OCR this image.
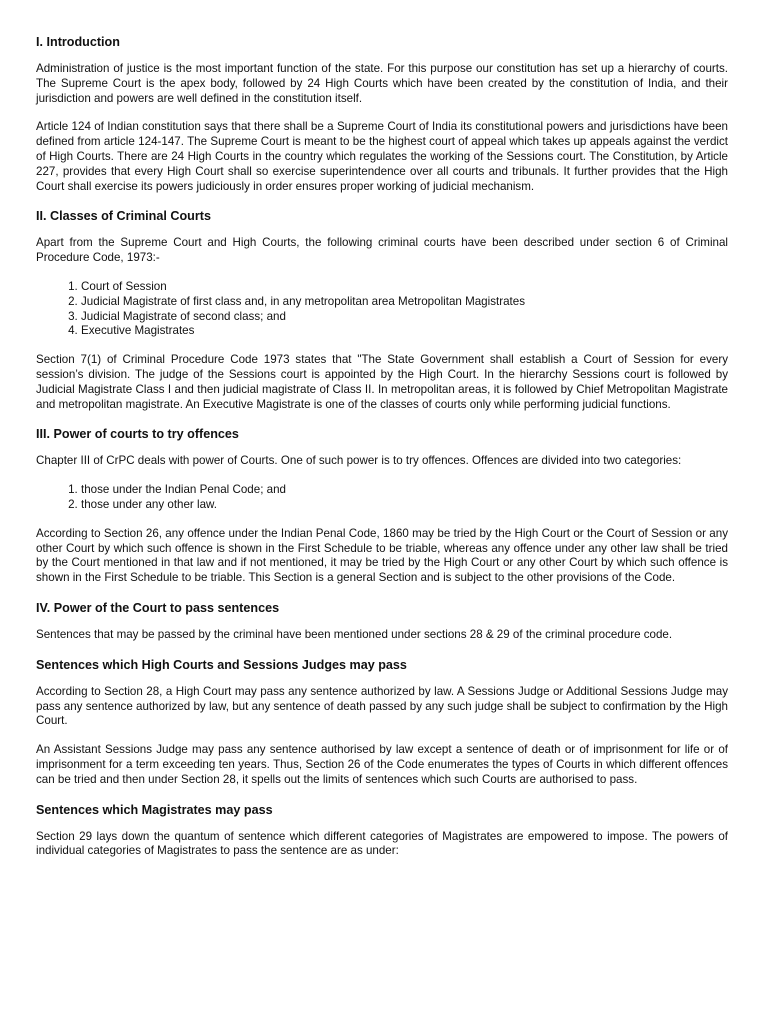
I. Introduction

Administration of justice is the most important function of the state. For this purpose our constitution has set up a hierarchy of courts. The Supreme Court is the apex body, followed by 24 High Courts which have been created by the constitution of India, and their jurisdiction and powers are well defined in the constitution itself.

Article 124 of Indian constitution says that there shall be a Supreme Court of India its constitutional powers and jurisdictions have been defined from article 124-147. The Supreme Court is meant to be the highest court of appeal which takes up appeals against the verdict of High Courts. There are 24 High Courts in the country which regulates the working of the Sessions court. The Constitution, by Article 227, provides that every High Court shall so exercise superintendence over all courts and tribunals. It further provides that the High Court shall exercise its powers judiciously in order ensures proper working of judicial mechanism.

II. Classes of Criminal Courts

Apart from the Supreme Court and High Courts, the following criminal courts have been described under section 6 of Criminal Procedure Code, 1973:-

1. Court of Session
2. Judicial Magistrate of first class and, in any metropolitan area Metropolitan Magistrates
3. Judicial Magistrate of second class; and
4. Executive Magistrates

Section 7(1) of Criminal Procedure Code 1973 states that "The State Government shall establish a Court of Session for every session’s division. The judge of the Sessions court is appointed by the High Court. In the hierarchy Sessions court is followed by Judicial Magistrate Class I and then judicial magistrate of Class II. In metropolitan areas, it is followed by Chief Metropolitan Magistrate and metropolitan magistrate. An Executive Magistrate is one of the classes of courts only while performing judicial functions.

III. Power of courts to try offences

Chapter III of CrPC deals with power of Courts. One of such power is to try offences. Offences are divided into two categories:

1. those under the Indian Penal Code; and
2. those under any other law.

According to Section 26, any offence under the Indian Penal Code, 1860 may be tried by the High Court or the Court of Session or any other Court by which such offence is shown in the First Schedule to be triable, whereas any offence under any other law shall be tried by the Court mentioned in that law and if not mentioned, it may be tried by the High Court or any other Court by which such offence is shown in the First Schedule to be triable. This Section is a general Section and is subject to the other provisions of the Code.

IV. Power of the Court to pass sentences

Sentences that may be passed by the criminal have been mentioned under sections 28 & 29 of the criminal procedure code.

Sentences which High Courts and Sessions Judges may pass

According to Section 28, a High Court may pass any sentence authorized by law. A Sessions Judge or Additional Sessions Judge may pass any sentence authorized by law, but any sentence of death passed by any such judge shall be subject to confirmation by the High Court.

An Assistant Sessions Judge may pass any sentence authorised by law except a sentence of death or of imprisonment for life or of imprisonment for a term exceeding ten years. Thus, Section 26 of the Code enumerates the types of Courts in which different offences can be tried and then under Section 28, it spells out the limits of sentences which such Courts are authorised to pass.

Sentences which Magistrates may pass

Section 29 lays down the quantum of sentence which different categories of Magistrates are empowered to impose. The powers of individual categories of Magistrates to pass the sentence are as under:
